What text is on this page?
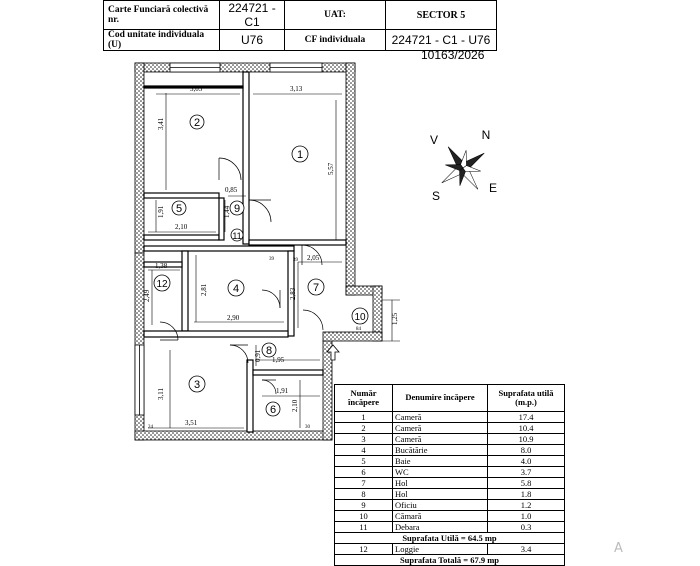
Carte Funciară colectivă nr.	224721 - C1	UAT:	SECTOR 5
Cod unitate individuala (U)	U76	CF individuala	224721 - C1 - U76
10163/2026
1
2
3
4
5
6
7
8
9
10
11
12
3,05	3,13
3,41
5,57
0,85
1,44
1,91
2,10
1,38
2,49	2,81
2,90
2,05
2,83
1,95
0,91
3,11
3,51
1,91
2,10
1,25
39	39
84
30
24
N
E
S
V
Număr încăpere	Denumire încăpere	Suprafata utilă (m.p.)
1	Cameră	17.4
2	Cameră	10.4
3	Cameră	10.9
4	Bucătărie	8.0
5	Baie	4.0
6	WC	3.7
7	Hol	5.8
8	Hol	1.8
9	Oficiu	1.2
10	Cămară	1.0
11	Debara	0.3
Suprafata Utilă = 64.5 mp		
12	Loggie	3.4
Suprafata Totală = 67.9 mp		
A
